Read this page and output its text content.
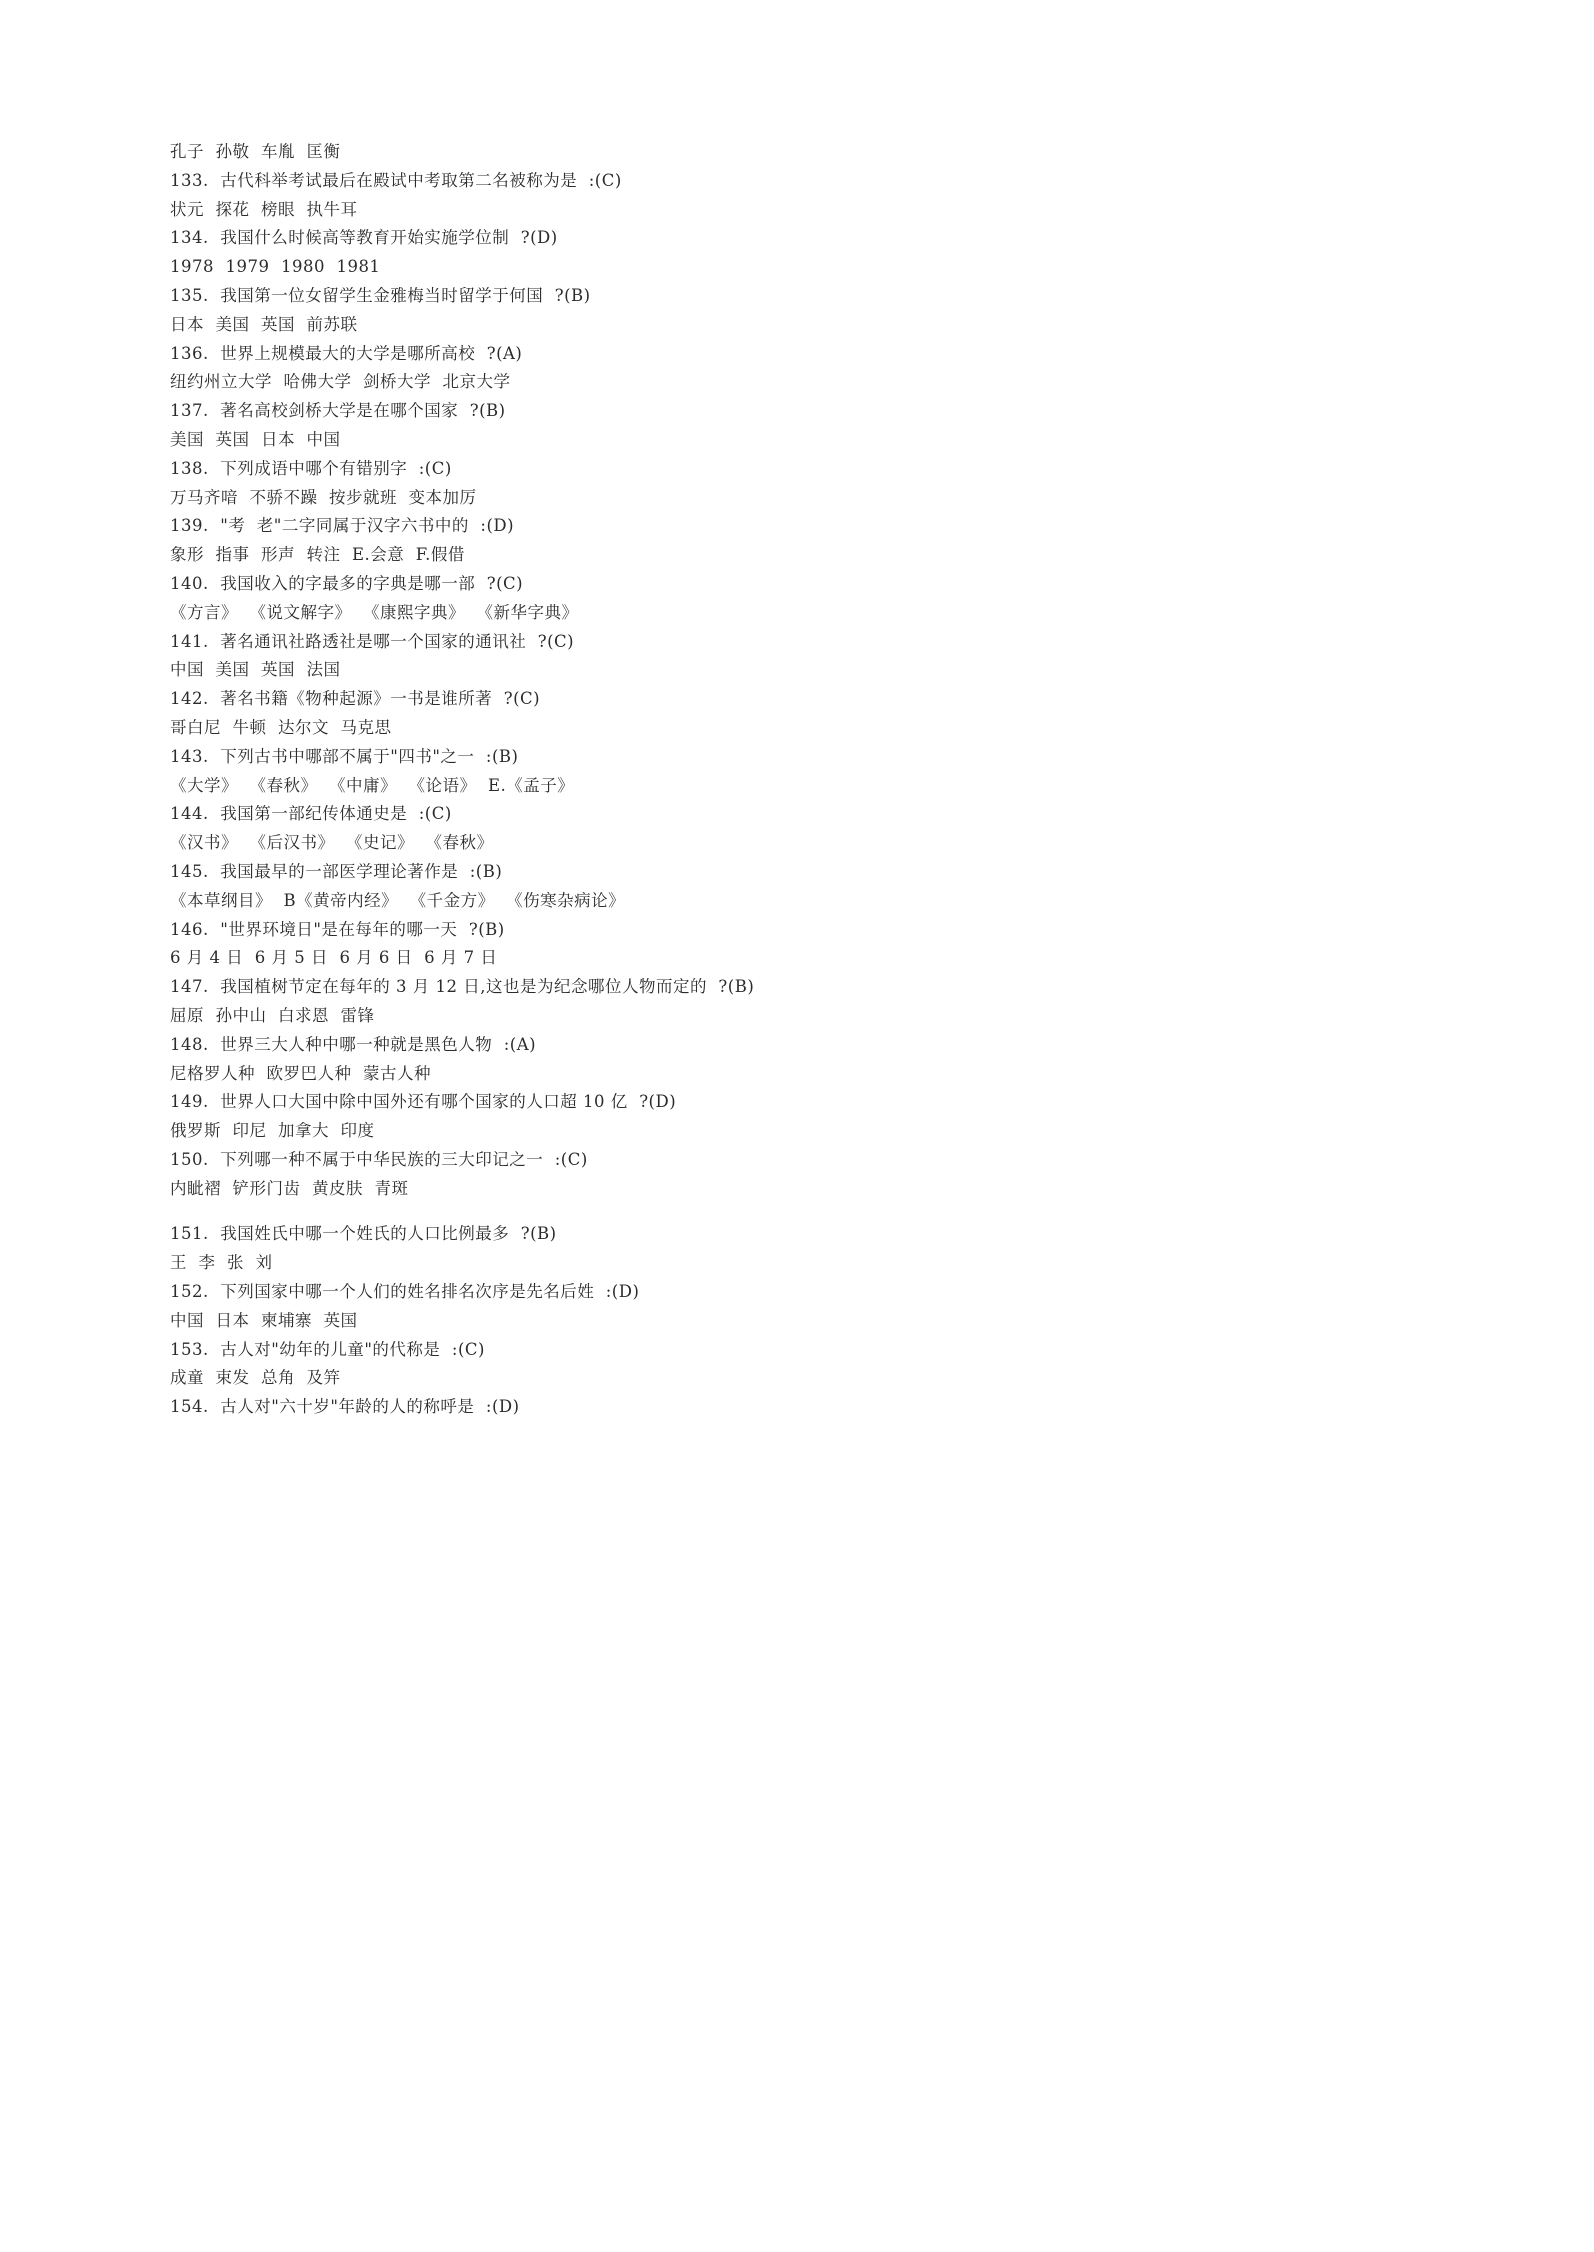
孔子  孙敬  车胤  匡衡
133.  古代科举考试最后在殿试中考取第二名被称为是  :(C)
状元  探花  榜眼  执牛耳
134.  我国什么时候高等教育开始实施学位制  ?(D)
1978  1979  1980  1981
135.  我国第一位女留学生金雅梅当时留学于何国  ?(B)
日本  美国  英国  前苏联
136.  世界上规模最大的大学是哪所高校  ?(A)
纽约州立大学  哈佛大学  剑桥大学  北京大学
137.  著名高校剑桥大学是在哪个国家  ?(B)
美国  英国  日本  中国
138.  下列成语中哪个有错别字  :(C)
万马齐喑  不骄不躁  按步就班  变本加厉
139.  "考  老"二字同属于汉字六书中的  :(D)
象形  指事  形声  转注  E.会意  F.假借
140.  我国收入的字最多的字典是哪一部  ?(C)
《方言》  《说文解字》  《康熙字典》  《新华字典》
141.  著名通讯社路透社是哪一个国家的通讯社  ?(C)
中国  美国  英国  法国
142.  著名书籍《物种起源》一书是谁所著  ?(C)
哥白尼  牛顿  达尔文  马克思
143.  下列古书中哪部不属于"四书"之一  :(B)
《大学》  《春秋》  《中庸》  《论语》  E.《孟子》
144.  我国第一部纪传体通史是  :(C)
《汉书》  《后汉书》  《史记》  《春秋》
145.  我国最早的一部医学理论著作是  :(B)
《本草纲目》  B《黄帝内经》  《千金方》  《伤寒杂病论》
146.  "世界环境日"是在每年的哪一天  ?(B)
6 月 4 日  6 月 5 日  6 月 6 日  6 月 7 日
147.  我国植树节定在每年的 3 月 12 日,这也是为纪念哪位人物而定的  ?(B)
屈原  孙中山  白求恩  雷锋
148.  世界三大人种中哪一种就是黑色人物  :(A)
尼格罗人种  欧罗巴人种  蒙古人种
149.  世界人口大国中除中国外还有哪个国家的人口超 10 亿  ?(D)
俄罗斯  印尼  加拿大  印度
150.  下列哪一种不属于中华民族的三大印记之一  :(C)
内眦褶  铲形门齿  黄皮肤  青斑
151.  我国姓氏中哪一个姓氏的人口比例最多  ?(B)
王  李  张  刘
152.  下列国家中哪一个人们的姓名排名次序是先名后姓  :(D)
中国  日本  柬埔寨  英国
153.  古人对"幼年的儿童"的代称是  :(C)
成童  束发  总角  及笄
154.  古人对"六十岁"年龄的人的称呼是  :(D)
